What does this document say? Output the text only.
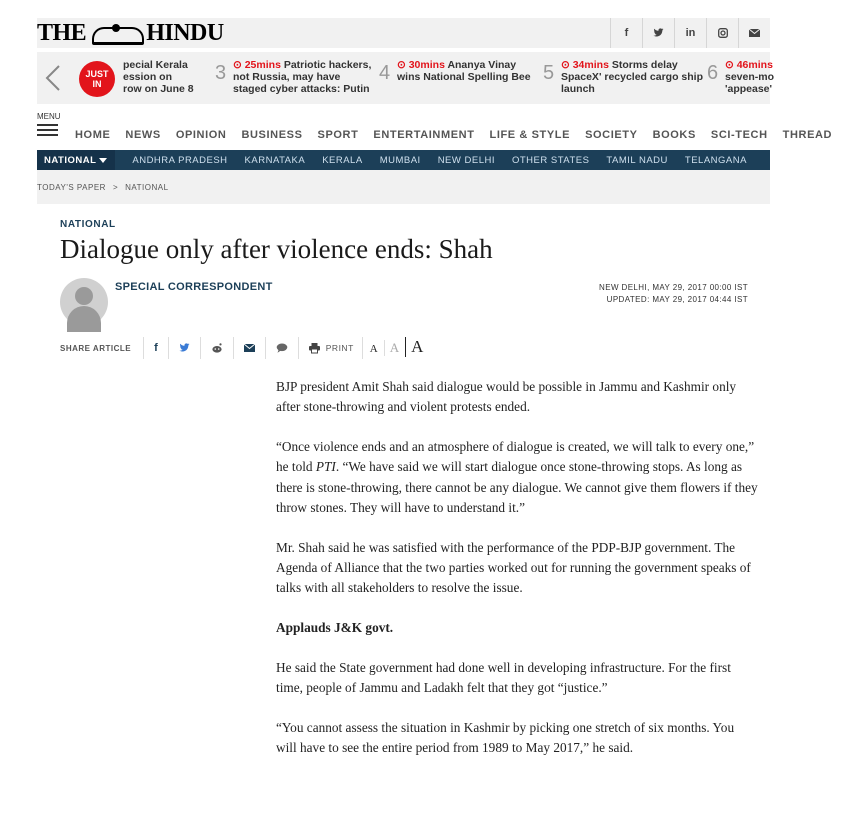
THE	HINDU	f	in
JUST
IN
pecial Kerala
ession on
row on June 8
3 ⊙ 25mins Patriotic hackers,
not Russia, may have
staged cyber attacks: Putin
4 ⊙ 30mins Ananya Vinay
wins National Spelling Bee 5 ⊙ 34mins Storms delay
SpaceX' recycled cargo ship
launch
6 ⊙ 46mins
seven-mo
'appease'
MENU
HOME NEWS OPINION BUSINESS SPORT ENTERTAINMENT LIFE & STYLE SOCIETY BOOKS SCI-TECH THREAD
NATIONAL	ANDHRA PRADESH KARNATAKA KERALA MUMBAI NEW DELHI OTHER STATES TAMIL NADU TELANGANA
TODAY'S PAPER > NATIONAL
NATIONAL
Dialogue only after violence ends: Shah
SPECIAL CORRESPONDENT	NEW DELHI, MAY 29, 2017 00:00 IST
UPDATED: MAY 29, 2017 04:44 IST
SHARE ARTICLE	f	PRINT A A A

BJP president Amit Shah said dialogue would be possible in Jammu and Kashmir only after stone-throwing and violent protests ended.

“Once violence ends and an atmosphere of dialogue is created, we will talk to every one,” he told PTI. “We have said we will start dialogue once stone-throwing stops. As long as there is stone-throwing, there cannot be any dialogue. We cannot give them flowers if they throw stones. They will have to understand it.”

Mr. Shah said he was satisfied with the performance of the PDP-BJP government. The Agenda of Alliance that the two parties worked out for running the government speaks of talks with all stakeholders to resolve the issue.

Applauds J&K govt.

He said the State government had done well in developing infrastructure. For the first time, people of Jammu and Ladakh felt that they got “justice.”

“You cannot assess the situation in Kashmir by picking one stretch of six months. You will have to see the entire period from 1989 to May 2017,” he said.
